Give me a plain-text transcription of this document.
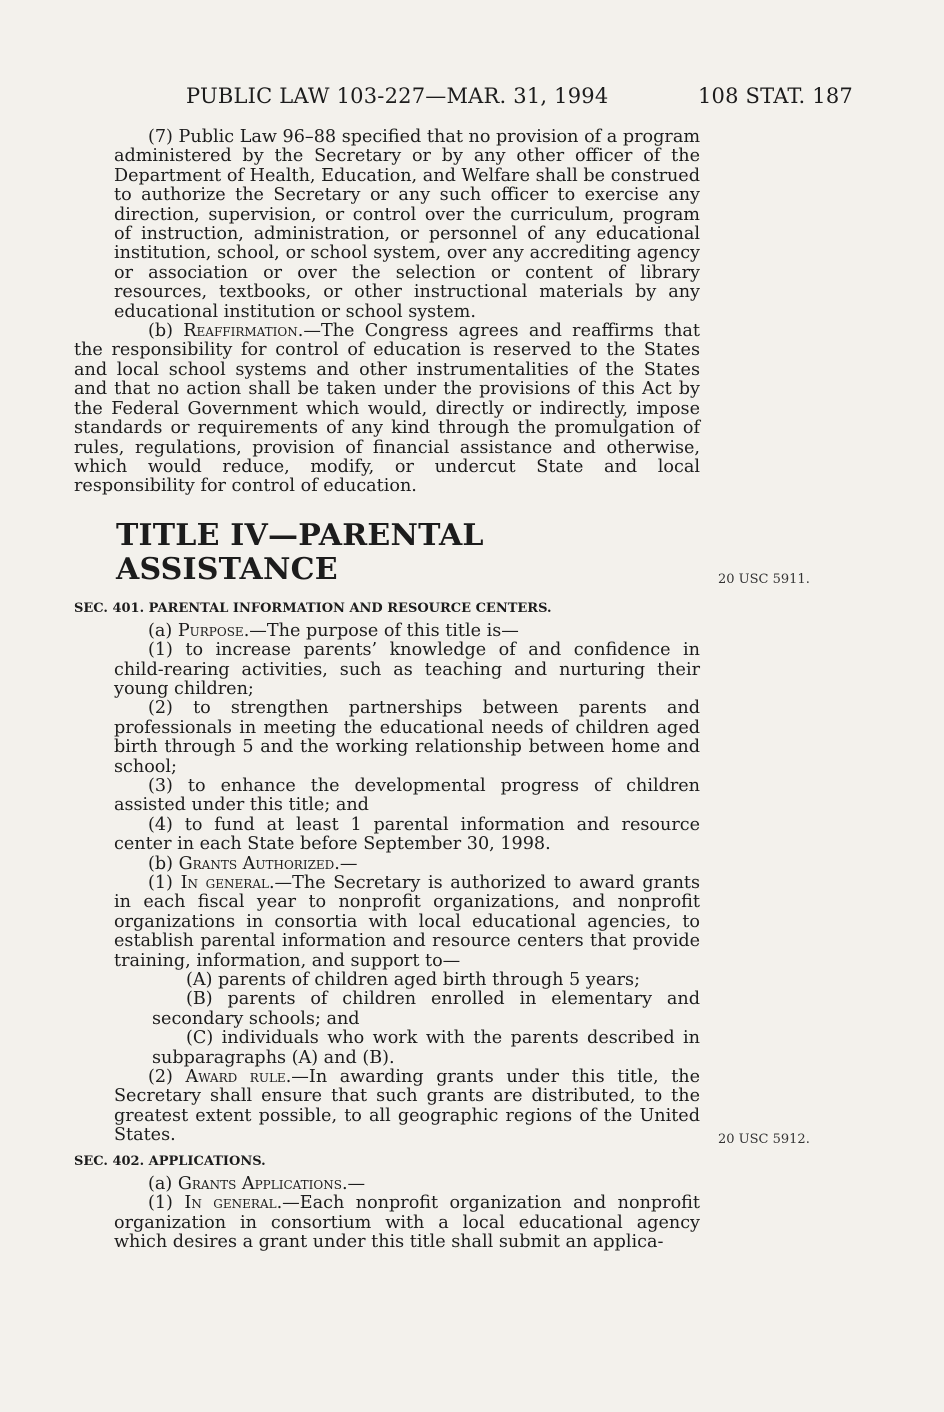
PUBLIC LAW 103-227—MAR. 31, 1994	108 STAT. 187

(7) Public Law 96–88 specified that no provision of a program administered by the Secretary or by any other officer of the Department of Health, Education, and Welfare shall be construed to authorize the Secretary or any such officer to exercise any direction, supervision, or control over the curriculum, program of instruction, administration, or personnel of any educational institution, school, or school system, over any accrediting agency or association or over the selection or content of library resources, textbooks, or other instructional materials by any educational institution or school system.

(b) Reaffirmation.—The Congress agrees and reaffirms that the responsibility for control of education is reserved to the States and local school systems and other instrumentalities of the States and that no action shall be taken under the provisions of this Act by the Federal Government which would, directly or indirectly, impose standards or requirements of any kind through the promulgation of rules, regulations, provision of financial assistance and otherwise, which would reduce, modify, or undercut State and local responsibility for control of education.

TITLE IV—PARENTAL ASSISTANCE
SEC. 401. PARENTAL INFORMATION AND RESOURCE CENTERS.

(a) Purpose.—The purpose of this title is—

(1) to increase parents’ knowledge of and confidence in child-rearing activities, such as teaching and nurturing their young children;

(2) to strengthen partnerships between parents and professionals in meeting the educational needs of children aged birth through 5 and the working relationship between home and school;

(3) to enhance the developmental progress of children assisted under this title; and

(4) to fund at least 1 parental information and resource center in each State before September 30, 1998.

(b) Grants Authorized.—

(1) In general.—The Secretary is authorized to award grants in each fiscal year to nonprofit organizations, and nonprofit organizations in consortia with local educational agencies, to establish parental information and resource centers that provide training, information, and support to—

(A) parents of children aged birth through 5 years;

(B) parents of children enrolled in elementary and secondary schools; and

(C) individuals who work with the parents described in subparagraphs (A) and (B).

(2) Award rule.—In awarding grants under this title, the Secretary shall ensure that such grants are distributed, to the greatest extent possible, to all geographic regions of the United States.

SEC. 402. APPLICATIONS.

(a) Grants Applications.—

(1) In general.—Each nonprofit organization and nonprofit organization in consortium with a local educational agency which desires a grant under this title shall submit an applica-

20 USC 5911.
20 USC 5912.
